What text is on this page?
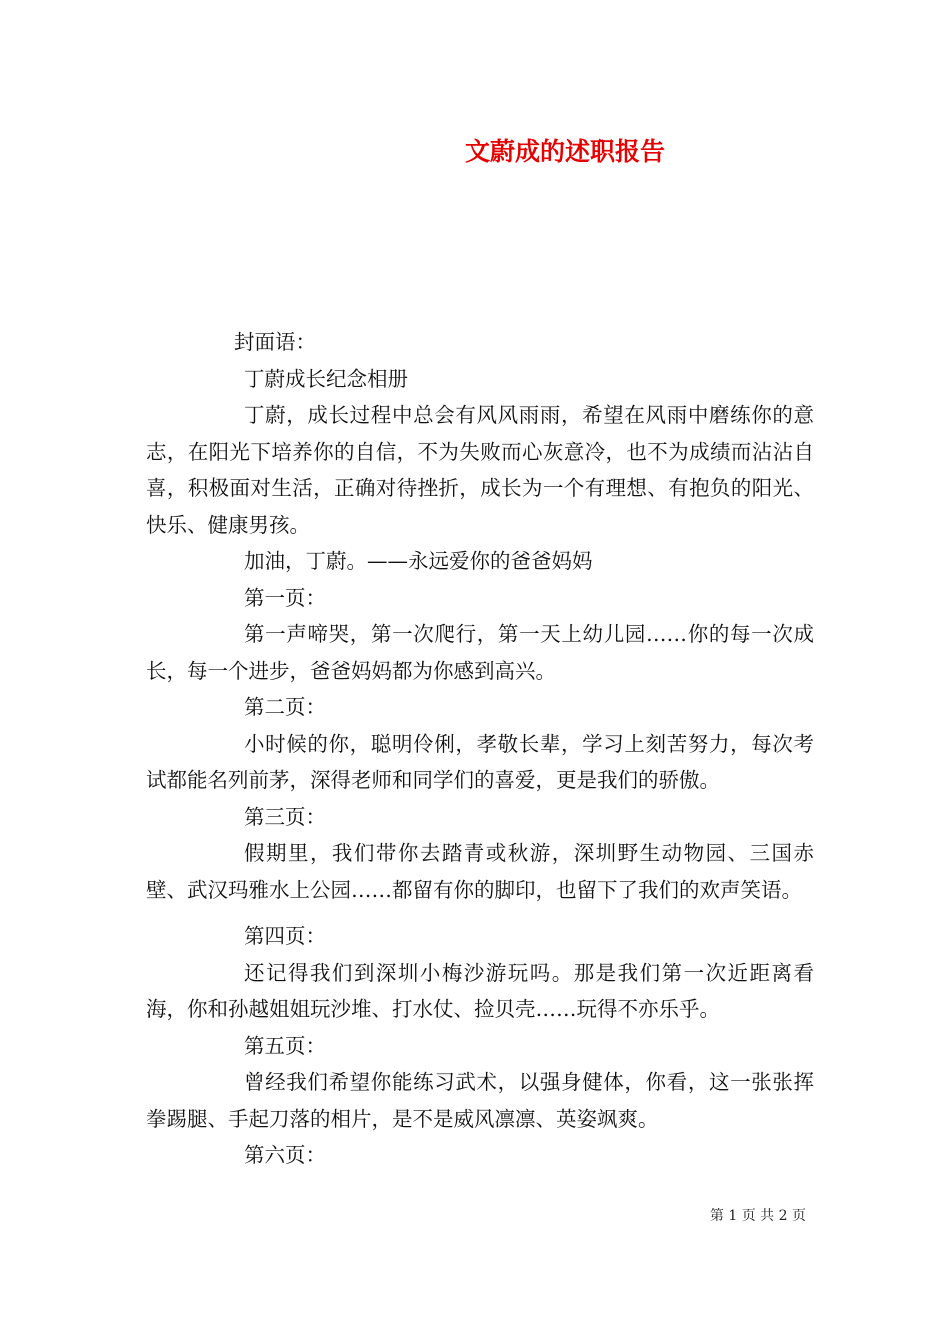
文蔚成的述职报告

封面语：

丁蔚成长纪念相册

丁蔚，成长过程中总会有风风雨雨，希望在风雨中磨练你的意志，在阳光下培养你的自信，不为失败而心灰意冷，也不为成绩而沾沾自喜，积极面对生活，正确对待挫折，成长为一个有理想、有抱负的阳光、快乐、健康男孩。

加油，丁蔚。——永远爱你的爸爸妈妈

第一页：

第一声啼哭，第一次爬行，第一天上幼儿园……你的每一次成长，每一个进步，爸爸妈妈都为你感到高兴。

第二页：

小时候的你，聪明伶俐，孝敬长辈，学习上刻苦努力，每次考试都能名列前茅，深得老师和同学们的喜爱，更是我们的骄傲。

第三页：

假期里，我们带你去踏青或秋游，深圳野生动物园、三国赤壁、武汉玛雅水上公园……都留有你的脚印，也留下了我们的欢声笑语。

第四页：

还记得我们到深圳小梅沙游玩吗。那是我们第一次近距离看海，你和孙越姐姐玩沙堆、打水仗、捡贝壳……玩得不亦乐乎。

第五页：

曾经我们希望你能练习武术，以强身健体，你看，这一张张挥拳踢腿、手起刀落的相片，是不是威风凛凛、英姿飒爽。

第六页：

第 1 页 共 2 页
